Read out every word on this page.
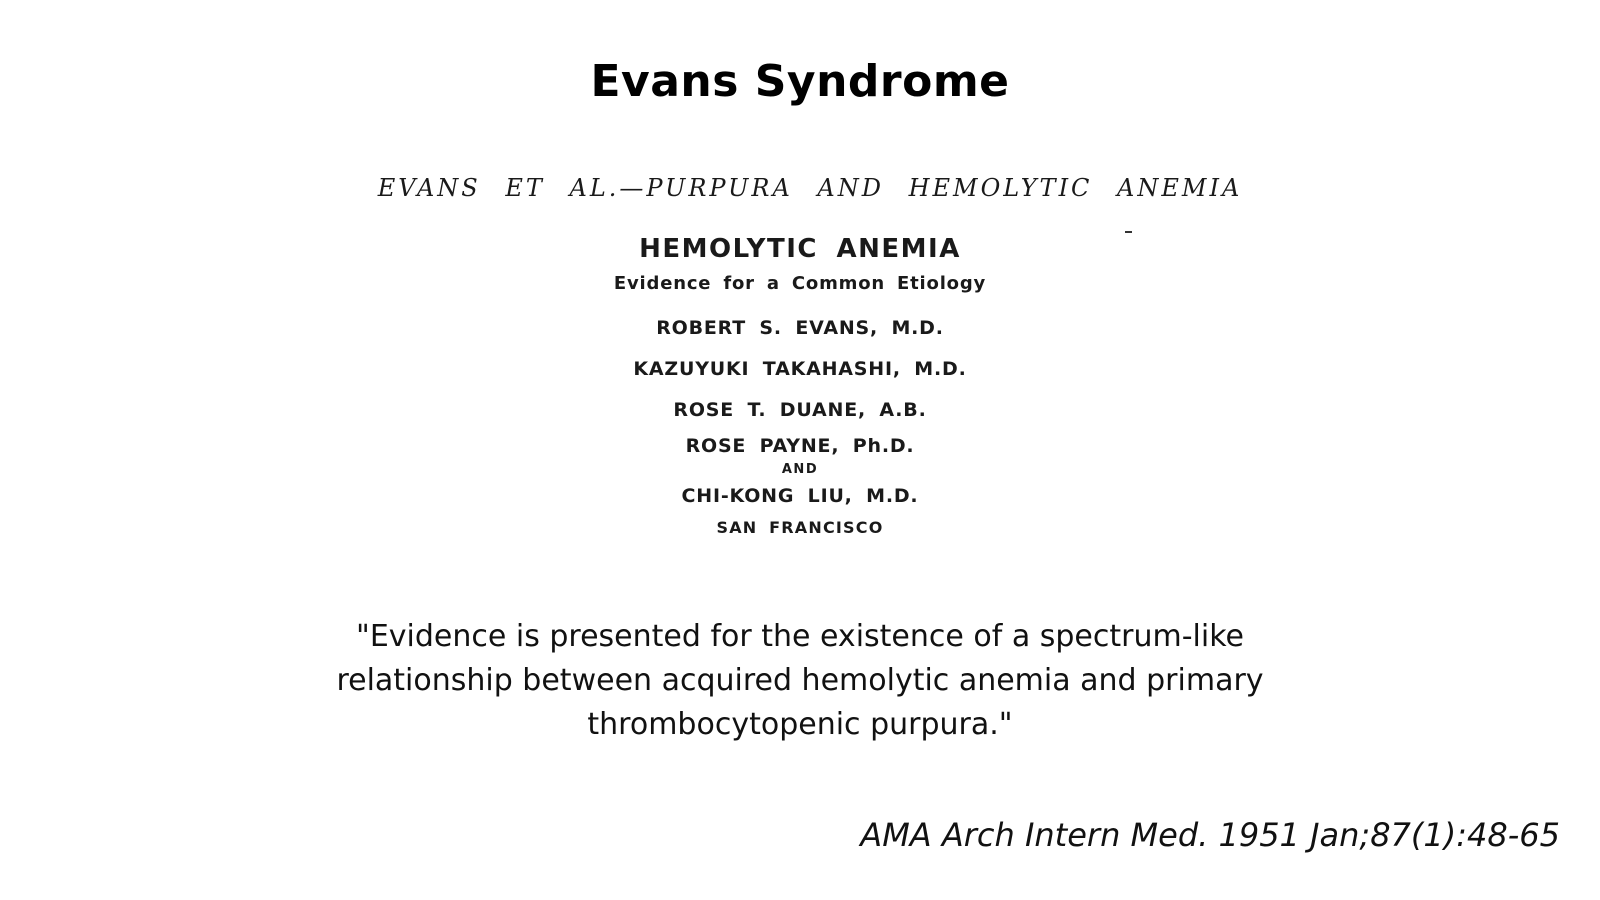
Evans Syndrome
EVANS ET AL.—PURPURA AND HEMOLYTIC ANEMIA
HEMOLYTIC ANEMIA
Evidence for a Common Etiology
ROBERT S. EVANS, M.D.
KAZUYUKI TAKAHASHI, M.D.
ROSE T. DUANE, A.B.
ROSE PAYNE, Ph.D.
AND
CHI-KONG LIU, M.D.
SAN FRANCISCO
"Evidence is presented for the existence of a spectrum-like relationship between acquired hemolytic anemia and primary thrombocytopenic purpura."
AMA Arch Intern Med. 1951 Jan;87(1):48-65
